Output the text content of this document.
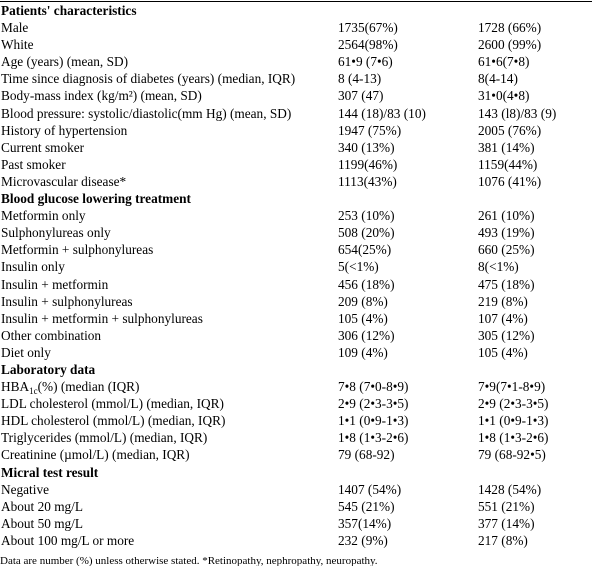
Patients' characteristics		
Male	1735(67%)	1728 (66%)
White	2564(98%)	2600 (99%)
Age (years) (mean, SD)	61•9 (7•6)	61•6(7•8)
Time since diagnosis of diabetes (years) (median, IQR)	8 (4-13)	8(4-14)
Body-mass index (kg/m²) (mean, SD)	307 (47)	31•0(4•8)
Blood pressure: systolic/diastolic(mm Hg) (mean, SD)	144 (18)/83 (10)	143 (l8)/83 (9)
History of hypertension	1947 (75%)	2005 (76%)
Current smoker	340 (13%)	381 (14%)
Past smoker	1199(46%)	1159(44%)
Microvascular disease*	1113(43%)	1076 (41%)
Blood glucose lowering treatment		
Metformin only	253 (10%)	261 (10%)
Sulphonylureas only	508 (20%)	493 (19%)
Metformin + sulphonylureas	654(25%)	660 (25%)
Insulin only	5(<1%)	8(<1%)
Insulin + metformin	456 (18%)	475 (18%)
Insulin + sulphonylureas	209 (8%)	219 (8%)
Insulin + metformin + sulphonylureas	105 (4%)	107 (4%)
Other combination	306 (12%)	305 (12%)
Diet only	109 (4%)	105 (4%)
Laboratory data		
$HBA_{1c}(\%)$ (median (IQR)	7•8 (7•0-8•9)	7•9(7•1-8•9)
LDL cholesterol (mmol/L) (median, IQR)	2•9 (2•3-3•5)	2•9 (2•3-3•5)
HDL cholesterol (mmol/L) (median, IQR)	1•1 (0•9-1•3)	1•1 (0•9-1•3)
Triglycerides (mmol/L) (median, IQR)	1•8 (1•3-2•6)	1•8 (1•3-2•6)
Creatinine (µmol/L) (median, IQR)	79 (68-92)	79 (68-92•5)
Micral test result		
Negative	1407 (54%)	1428 (54%)
About 20 mg/L	545 (21%)	551 (21%)
About 50 mg/L	357(14%)	377 (14%)
About 100 mg/L or more	232 (9%)	217 (8%)
Data are number (%) unless otherwise stated. *Retinopathy, nephropathy, neuropathy.
